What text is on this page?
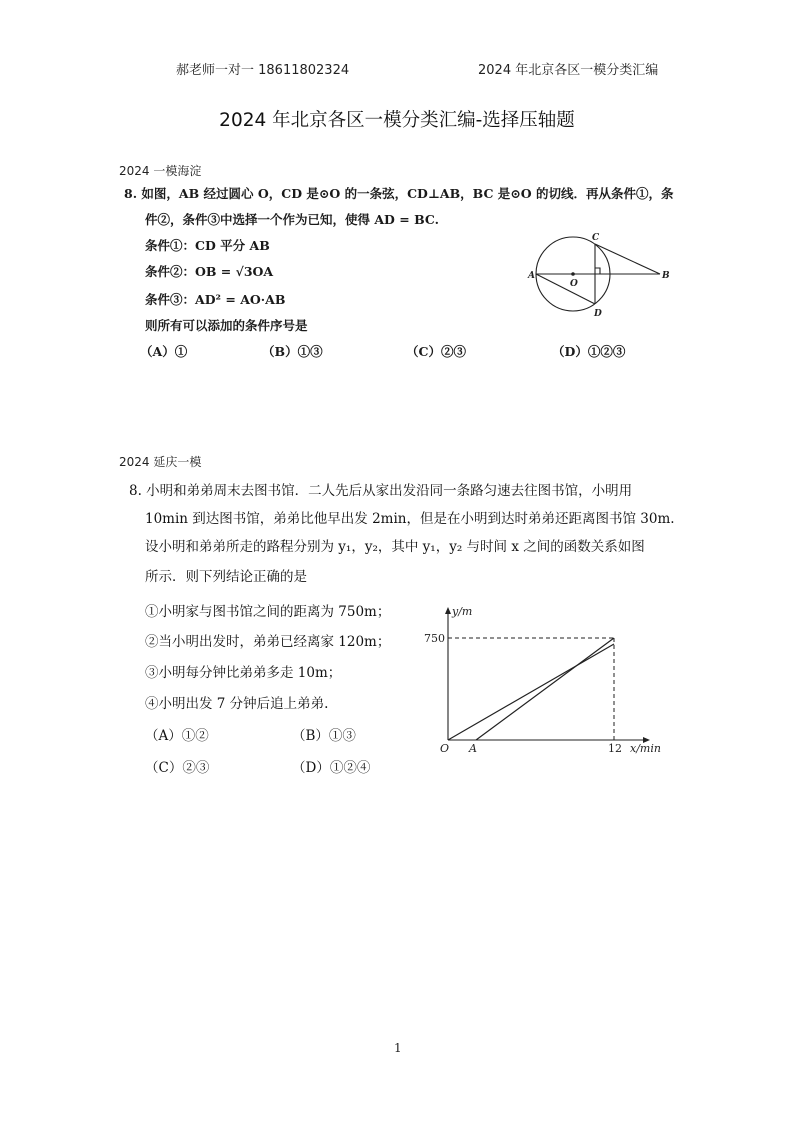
郝老师一对一 18611802324	2024 年北京各区一模分类汇编
2024 年北京各区一模分类汇编-选择压轴题
2024 一模海淀
8. 如图，AB 经过圆心 O，CD 是⊙O 的一条弦，CD⊥AB，BC 是⊙O 的切线．再从条件①，条
件②，条件③中选择一个作为已知，使得 AD = BC.
条件①：CD 平分 AB
条件②：OB = √3OA
条件③：AD² = AO·AB
则所有可以添加的条件序号是
（A）①	（B）①③	（C）②③	（D）①②③
A	B
C
D
O
2024 延庆一模
8. 小明和弟弟周末去图书馆．二人先后从家出发沿同一条路匀速去往图书馆，小明用
10min 到达图书馆，弟弟比他早出发 2min，但是在小明到达时弟弟还距离图书馆 30m.
设小明和弟弟所走的路程分别为 y₁，y₂，其中 y₁，y₂ 与时间 x 之间的函数关系如图
所示．则下列结论正确的是
①小明家与图书馆之间的距离为 750m；
②当小明出发时，弟弟已经离家 120m；
③小明每分钟比弟弟多走 10m；
④小明出发 7 分钟后追上弟弟.
（A）①②	（B）①③
（C）②③	（D）①②④
y/m
x/min
750
12
O A
1
